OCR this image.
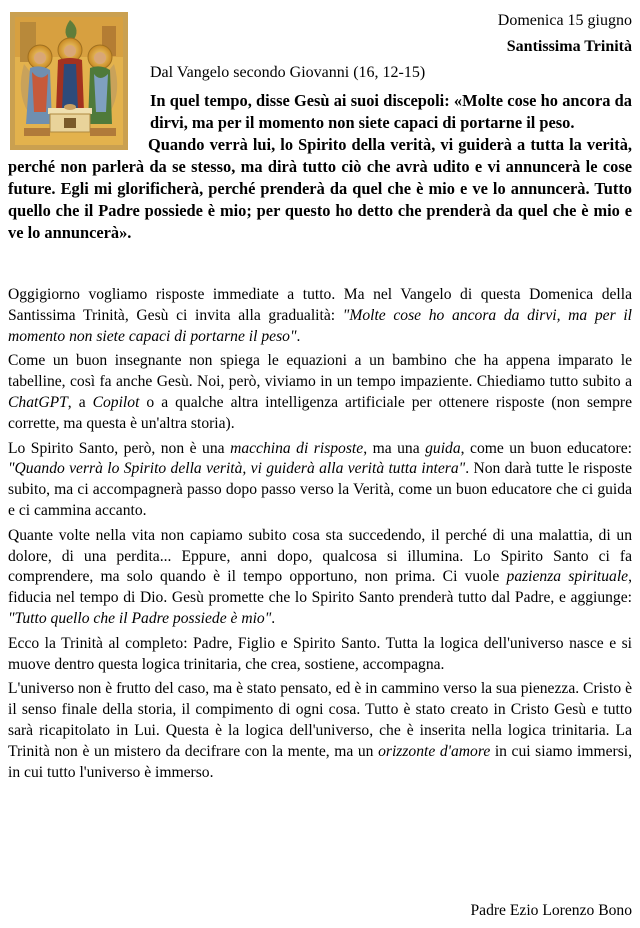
Domenica 15 giugno
Santissima Trinità
Dal Vangelo secondo Giovanni (16, 12-15)

In quel tempo, disse Gesù ai suoi discepoli: «Molte cose ho ancora da dirvi, ma per il momento non siete capaci di portarne il peso.

Quando verrà lui, lo Spirito della verità, vi guiderà a tutta la verità, perché non parlerà da se stesso, ma dirà tutto ciò che avrà udito e vi annuncerà le cose future. Egli mi glorificherà, perché prenderà da quel che è mio e ve lo annuncerà. Tutto quello che il Padre possiede è mio; per questo ho detto che prenderà da quel che è mio e ve lo annuncerà».

Oggigiorno vogliamo risposte immediate a tutto. Ma nel Vangelo di questa Domenica della Santissima Trinità, Gesù ci invita alla gradualità: "Molte cose ho ancora da dirvi, ma per il momento non siete capaci di portarne il peso".

Come un buon insegnante non spiega le equazioni a un bambino che ha appena imparato le tabelline, così fa anche Gesù. Noi, però, viviamo in un tempo impaziente. Chiediamo tutto subito a ChatGPT, a Copilot o a qualche altra intelligenza artificiale per ottenere risposte (non sempre corrette, ma questa è un'altra storia).

Lo Spirito Santo, però, non è una macchina di risposte, ma una guida, come un buon educatore: "Quando verrà lo Spirito della verità, vi guiderà alla verità tutta intera". Non darà tutte le risposte subito, ma ci accompagnerà passo dopo passo verso la Verità, come un buon educatore che ci guida e ci cammina accanto.

Quante volte nella vita non capiamo subito cosa sta succedendo, il perché di una malattia, di un dolore, di una perdita... Eppure, anni dopo, qualcosa si illumina. Lo Spirito Santo ci fa comprendere, ma solo quando è il tempo opportuno, non prima. Ci vuole pazienza spirituale, fiducia nel tempo di Dio. Gesù promette che lo Spirito Santo prenderà tutto dal Padre, e aggiunge: "Tutto quello che il Padre possiede è mio".

Ecco la Trinità al completo: Padre, Figlio e Spirito Santo. Tutta la logica dell'universo nasce e si muove dentro questa logica trinitaria, che crea, sostiene, accompagna.

L'universo non è frutto del caso, ma è stato pensato, ed è in cammino verso la sua pienezza. Cristo è il senso finale della storia, il compimento di ogni cosa. Tutto è stato creato in Cristo Gesù e tutto sarà ricapitolato in Lui. Questa è la logica dell'universo, che è inserita nella logica trinitaria. La Trinità non è un mistero da decifrare con la mente, ma un orizzonte d'amore in cui siamo immersi, in cui tutto l'universo è immerso.

Padre Ezio Lorenzo Bono
